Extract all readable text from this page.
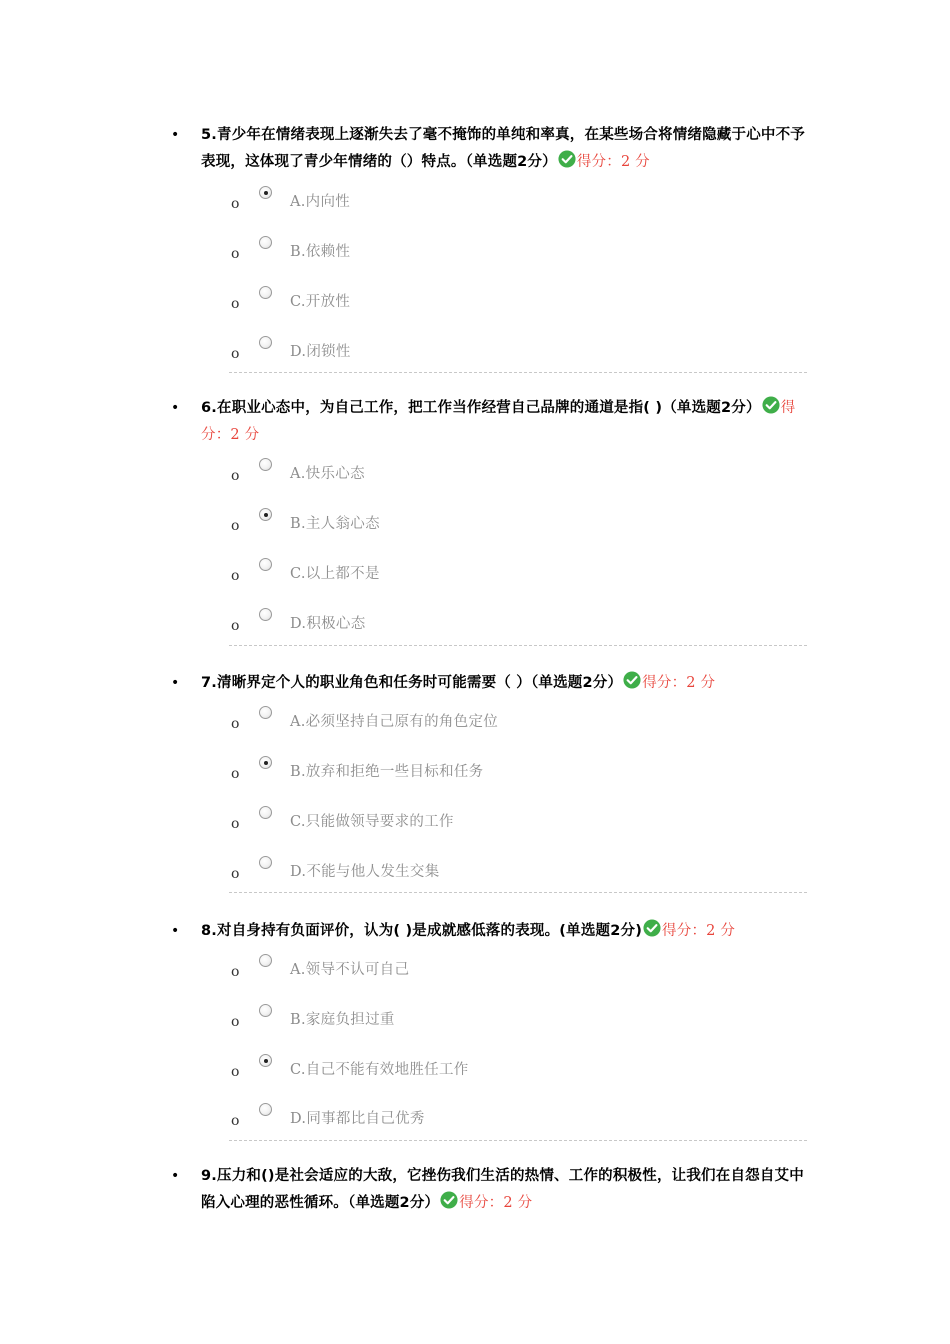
• 5.青少年在情绪表现上逐渐失去了毫不掩饰的单纯和率真，在某些场合将情绪隐藏于心中不予表现，这体现了青少年情绪的（）特点。（单选题2分） 得分：2 分
o	A.内向性
o	B.依赖性
o	C.开放性
o	D.闭锁性
• 6.在职业心态中，为自己工作，把工作当作经营自己品牌的通道是指( )（单选题2分） 得分：2 分
o	A.快乐心态
o	B.主人翁心态
o	C.以上都不是
o	D.积极心态
• 7.清晰界定个人的职业角色和任务时可能需要（ ）（单选题2分） 得分：2 分
o	A.必须坚持自己原有的角色定位
o	B.放弃和拒绝一些目标和任务
o	C.只能做领导要求的工作
o	D.不能与他人发生交集
• 8.对自身持有负面评价，认为( )是成就感低落的表现。(单选题2分) 得分：2 分
o	A.领导不认可自己
o	B.家庭负担过重
o	C.自己不能有效地胜任工作
o	D.同事都比自己优秀
• 9.压力和()是社会适应的大敌，它挫伤我们生活的热情、工作的积极性，让我们在自怨自艾中陷入心理的恶性循环。（单选题2分） 得分：2 分
